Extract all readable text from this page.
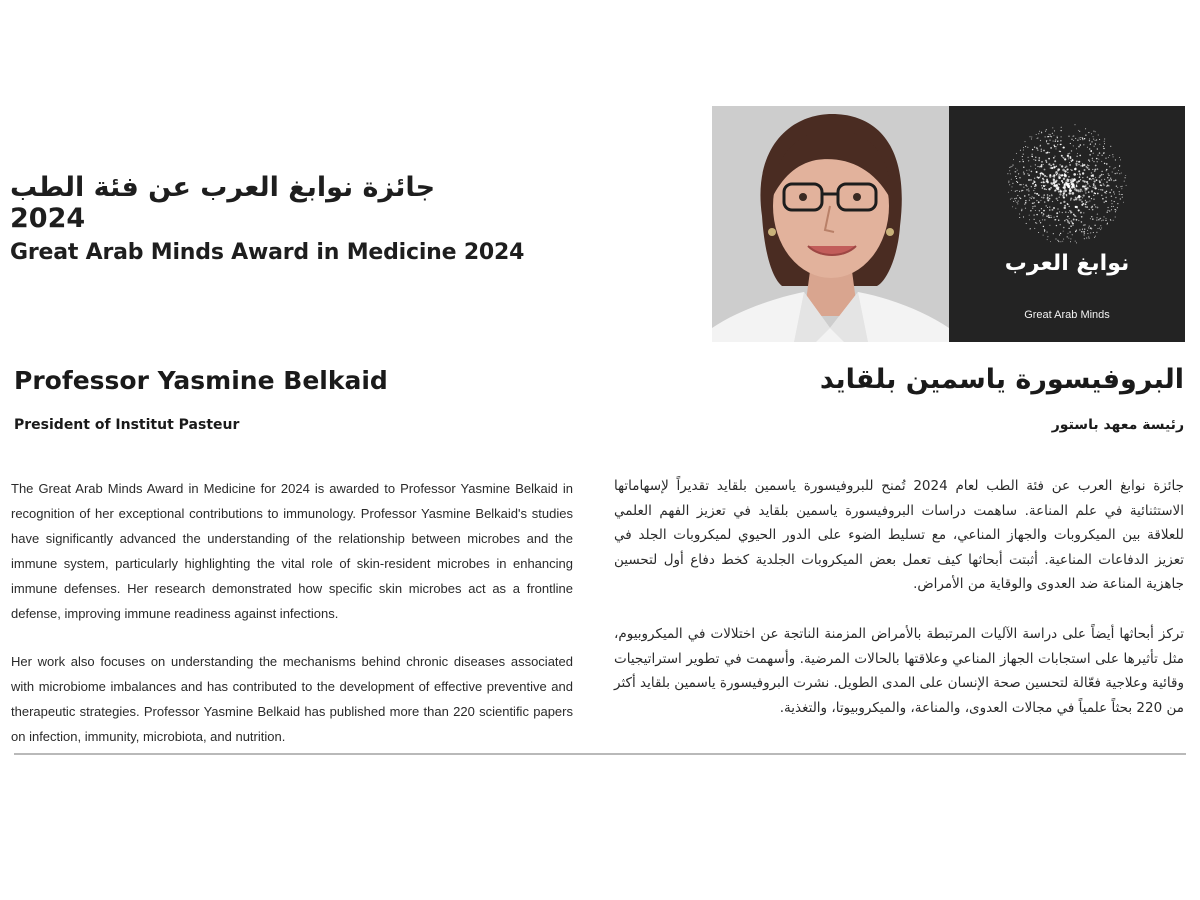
جائزة نوابغ العرب عن فئة الطب 2024
Great Arab Minds Award in Medicine 2024	نوابغ العرب
Great Arab Minds
Professor Yasmine Belkaid

President of Institut Pasteur

البروفيسورة ياسمين بلقايد

رئيسة معهد باستور

The Great Arab Minds Award in Medicine for 2024 is awarded to Professor Yasmine Belkaid in recognition of her exceptional contributions to immunology. Professor Yasmine Belkaid's studies have significantly advanced the understanding of the relationship between microbes and the immune system, particularly highlighting the vital role of skin-resident microbes in enhancing immune defenses. Her research demonstrated how specific skin microbes act as a frontline defense, improving immune readiness against infections.

Her work also focuses on understanding the mechanisms behind chronic diseases associated with microbiome imbalances and has contributed to the development of effective preventive and therapeutic strategies. Professor Yasmine Belkaid has published more than 220 scientific papers on infection, immunity, microbiota, and nutrition.

جائزة نوابغ العرب عن فئة الطب لعام 2024 تُمنح للبروفيسورة ياسمين بلقايد تقديراً لإسهاماتها الاستثنائية في علم المناعة. ساهمت دراسات البروفيسورة ياسمين بلقايد في تعزيز الفهم العلمي للعلاقة بين الميكروبات والجهاز المناعي، مع تسليط الضوء على الدور الحيوي لميكروبات الجلد في تعزيز الدفاعات المناعية. أثبتت أبحاثها كيف تعمل بعض الميكروبات الجلدية كخط دفاع أول لتحسين جاهزية المناعة ضد العدوى والوقاية من الأمراض.

تركز أبحاثها أيضاً على دراسة الآليات المرتبطة بالأمراض المزمنة الناتجة عن اختلالات في الميكروبيوم، مثل تأثيرها على استجابات الجهاز المناعي وعلاقتها بالحالات المرضية. وأسهمت في تطوير استراتيجيات وقائية وعلاجية فعّالة لتحسين صحة الإنسان على المدى الطويل. نشرت البروفيسورة ياسمين بلقايد أكثر من 220 بحثاً علمياً في مجالات العدوى، والمناعة، والميكروبيوتا، والتغذية.
